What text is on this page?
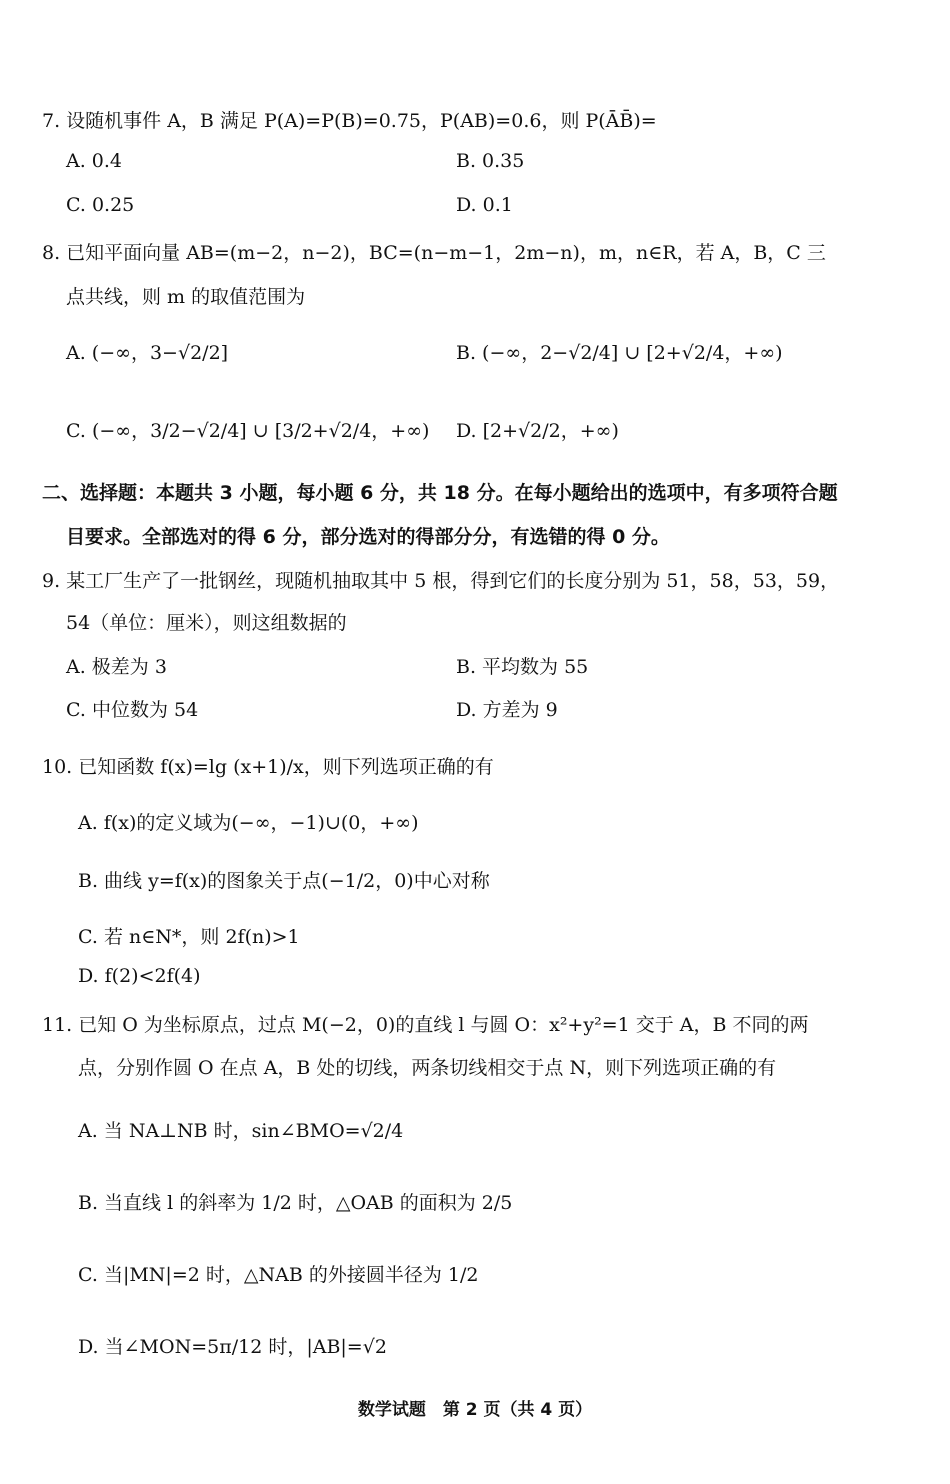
7. 设随机事件 A，B 满足 P(A)=P(B)=0.75，P(AB)=0.6，则 P(ĀB̄)=
A. 0.4	B. 0.35
C. 0.25	D. 0.1
8. 已知平面向量 AB=(m−2，n−2)，BC=(n−m−1，2m−n)，m，n∈R，若 A，B，C 三
点共线，则 m 的取值范围为
A. (−∞，3−√2/2]	B. (−∞，2−√2/4] ∪ [2+√2/4，+∞)
C. (−∞，3/2−√2/4] ∪ [3/2+√2/4，+∞) D. [2+√2/2，+∞)
二、选择题：本题共 3 小题，每小题 6 分，共 18 分。在每小题给出的选项中，有多项符合题
目要求。全部选对的得 6 分，部分选对的得部分分，有选错的得 0 分。
9. 某工厂生产了一批钢丝，现随机抽取其中 5 根，得到它们的长度分别为 51，58，53，59，
54（单位：厘米），则这组数据的
A. 极差为 3	B. 平均数为 55
C. 中位数为 54	D. 方差为 9
10. 已知函数 f(x)=lg (x+1)/x，则下列选项正确的有
A. f(x)的定义域为(−∞，−1)∪(0，+∞)
B. 曲线 y=f(x)的图象关于点(−1/2，0)中心对称
C. 若 n∈N*，则 2f(n)>1
D. f(2)<2f(4)
11. 已知 O 为坐标原点，过点 M(−2，0)的直线 l 与圆 O：x²+y²=1 交于 A，B 不同的两
点，分别作圆 O 在点 A，B 处的切线，两条切线相交于点 N，则下列选项正确的有
A. 当 NA⊥NB 时，sin∠BMO=√2/4
B. 当直线 l 的斜率为 1/2 时，△OAB 的面积为 2/5
C. 当|MN|=2 时，△NAB 的外接圆半径为 1/2
D. 当∠MON=5π/12 时，|AB|=√2
数学试题　第 2 页（共 4 页）
